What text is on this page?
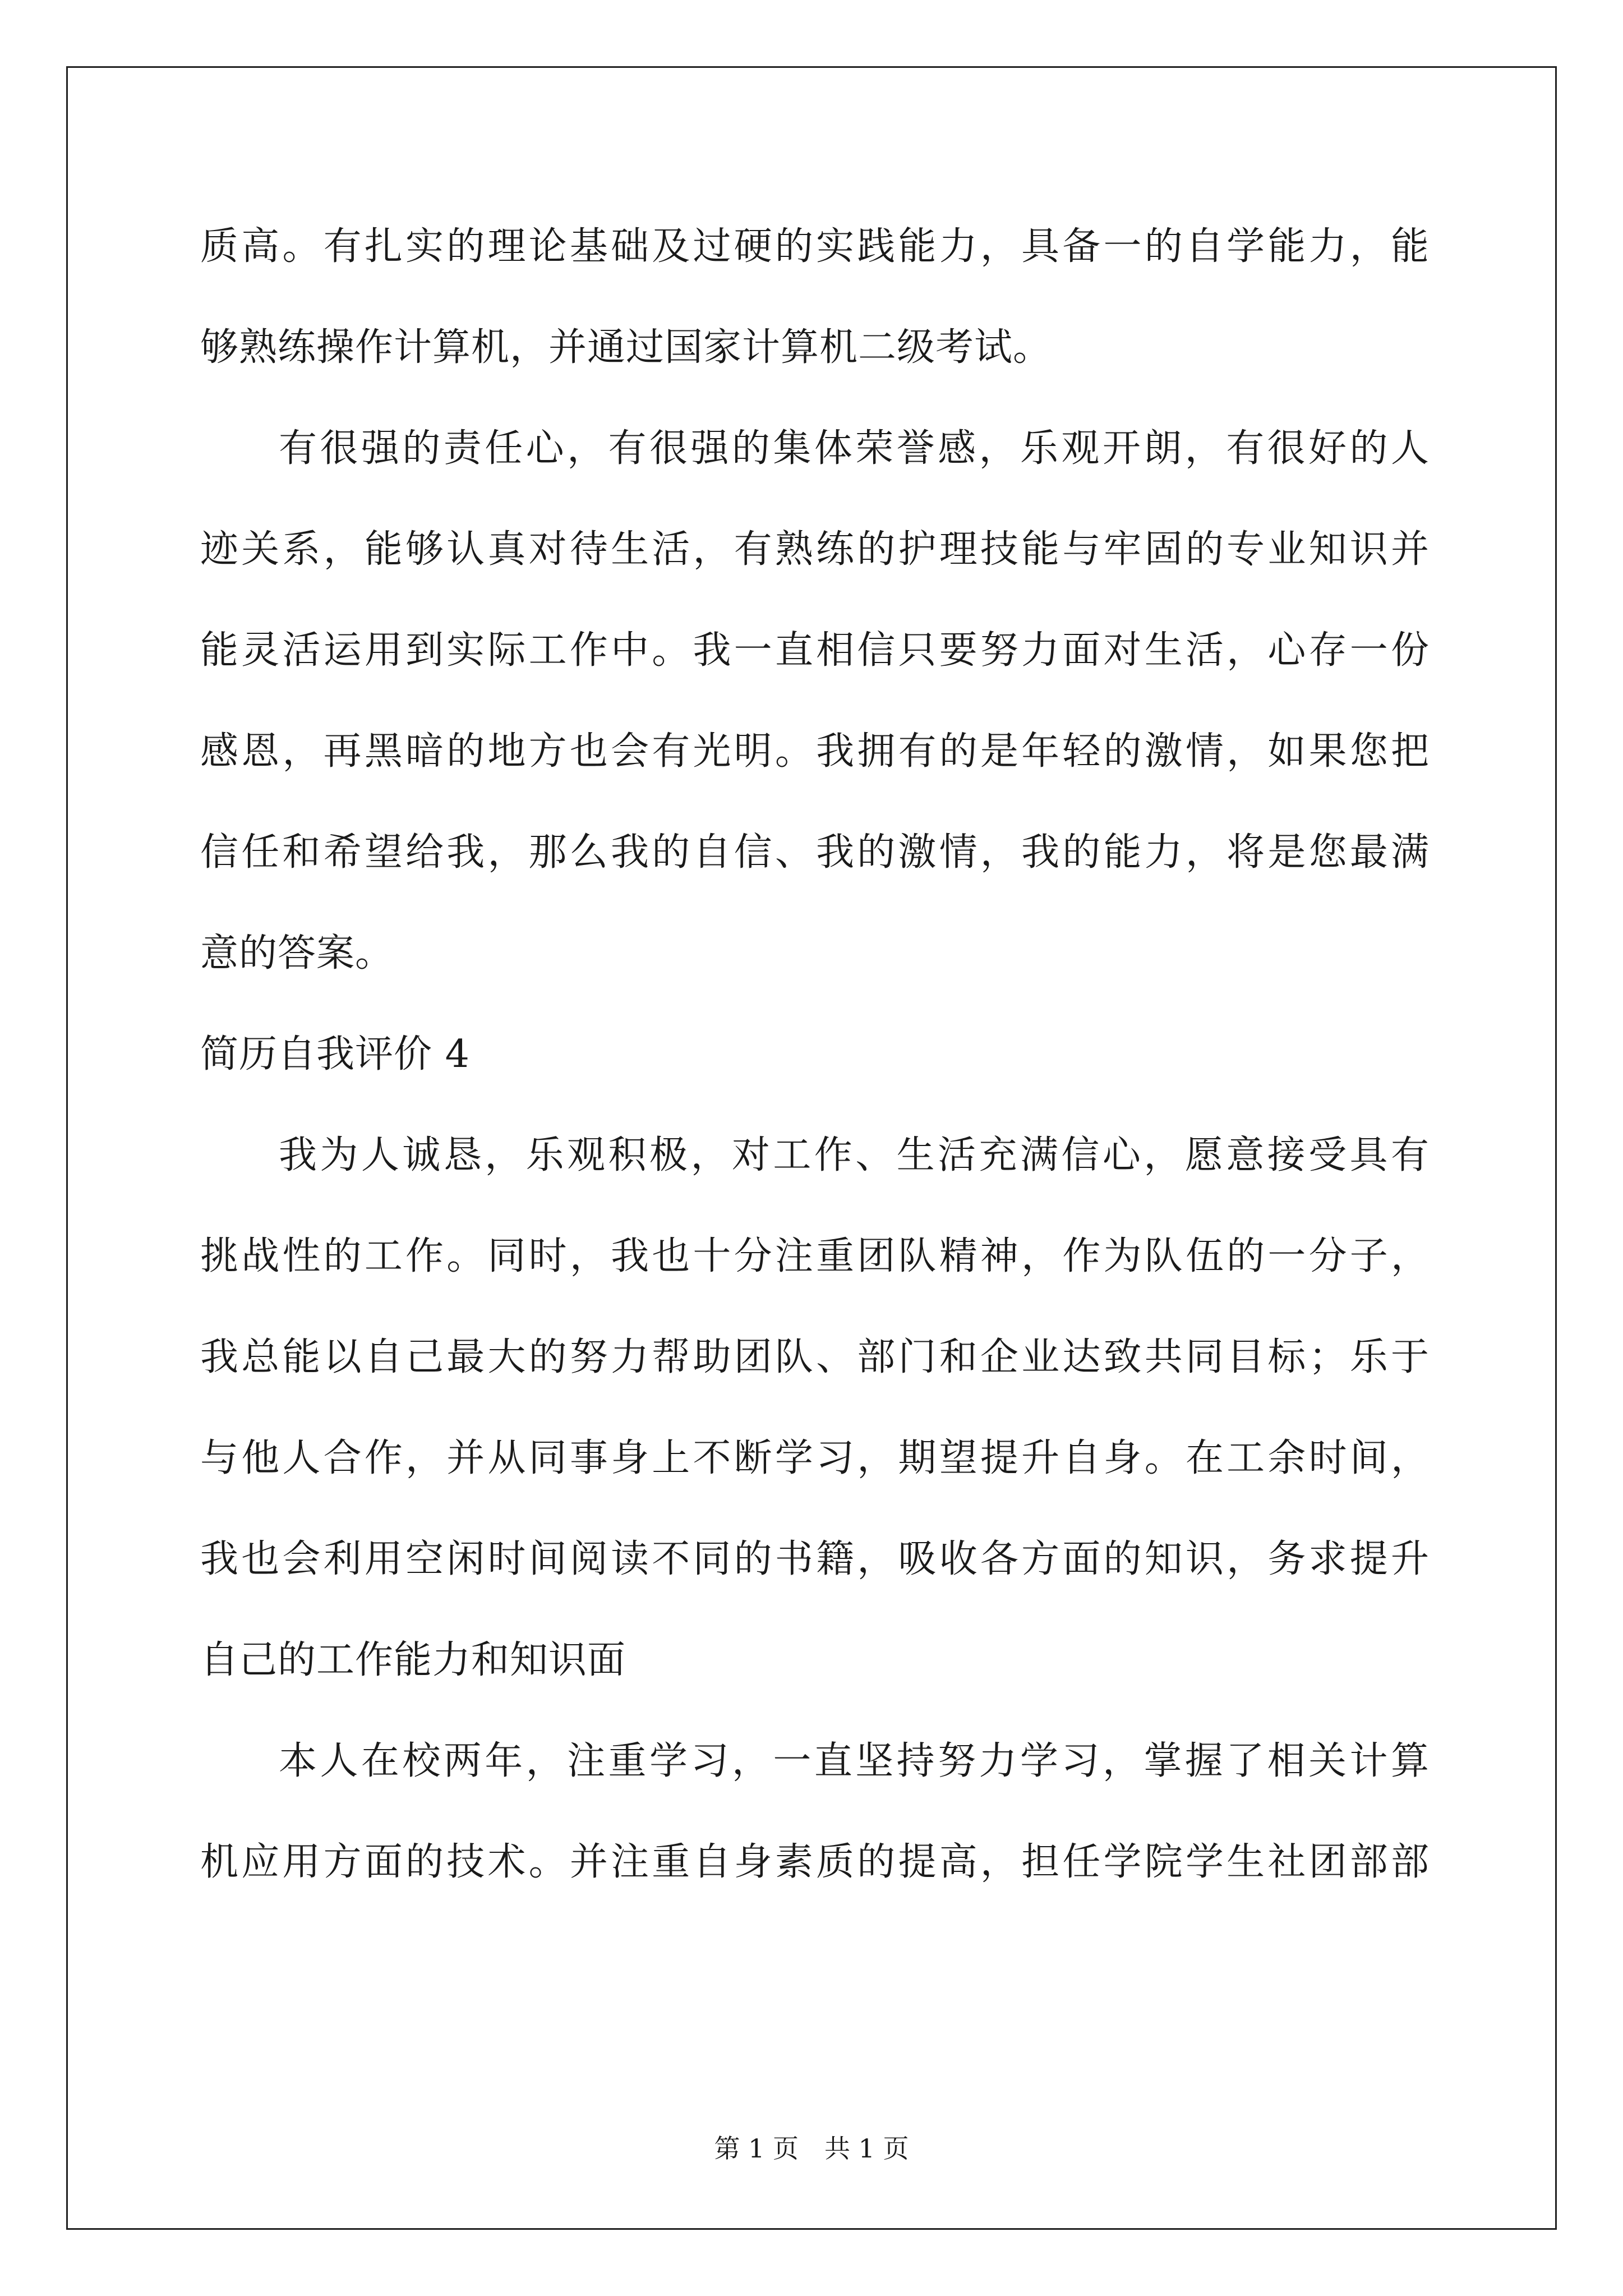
质高。有扎实的理论基础及过硬的实践能力，具备一的自学能力，能
够熟练操作计算机，并通过国家计算机二级考试。
有很强的责任心，有很强的集体荣誉感，乐观开朗，有很好的人
迹关系，能够认真对待生活，有熟练的护理技能与牢固的专业知识并
能灵活运用到实际工作中。我一直相信只要努力面对生活，心存一份
感恩，再黑暗的地方也会有光明。我拥有的是年轻的激情，如果您把
信任和希望给我，那么我的自信、我的激情，我的能力，将是您最满
意的答案。
简历自我评价 4
我为人诚恳，乐观积极，对工作、生活充满信心，愿意接受具有
挑战性的工作。同时，我也十分注重团队精神，作为队伍的一分子，
我总能以自己最大的努力帮助团队、部门和企业达致共同目标；乐于
与他人合作，并从同事身上不断学习，期望提升自身。在工余时间，
我也会利用空闲时间阅读不同的书籍，吸收各方面的知识，务求提升
自己的工作能力和知识面
本人在校两年，注重学习，一直坚持努力学习，掌握了相关计算
机应用方面的技术。并注重自身素质的提高，担任学院学生社团部部
第 1 页　共 1 页
